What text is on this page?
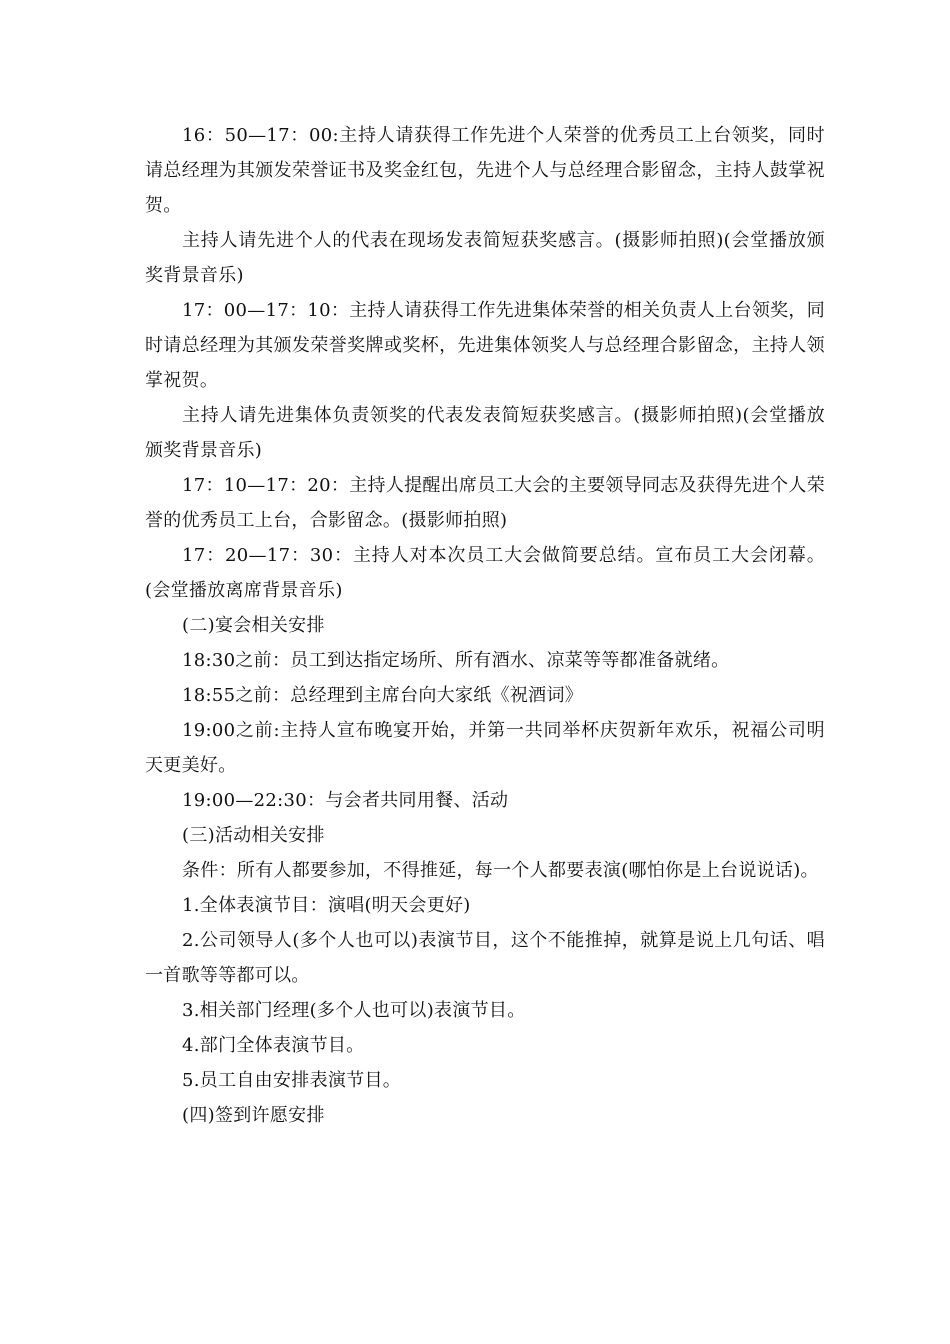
16：50—17：00:主持人请获得工作先进个人荣誉的优秀员工上台领奖，同时请总经理为其颁发荣誉证书及奖金红包，先进个人与总经理合影留念，主持人鼓掌祝贺。

主持人请先进个人的代表在现场发表简短获奖感言。(摄影师拍照)(会堂播放颁奖背景音乐)

17：00—17：10：主持人请获得工作先进集体荣誉的相关负责人上台领奖，同时请总经理为其颁发荣誉奖牌或奖杯，先进集体领奖人与总经理合影留念，主持人领掌祝贺。

主持人请先进集体负责领奖的代表发表简短获奖感言。(摄影师拍照)(会堂播放颁奖背景音乐)

17：10—17：20：主持人提醒出席员工大会的主要领导同志及获得先进个人荣誉的优秀员工上台，合影留念。(摄影师拍照)

17：20—17：30：主持人对本次员工大会做简要总结。宣布员工大会闭幕。(会堂播放离席背景音乐)

(二)宴会相关安排

18:30之前：员工到达指定场所、所有酒水、凉菜等等都准备就绪。

18:55之前：总经理到主席台向大家纸《祝酒词》

19:00之前:主持人宣布晚宴开始，并第一共同举杯庆贺新年欢乐，祝福公司明天更美好。

19:00—22:30：与会者共同用餐、活动

(三)活动相关安排

条件：所有人都要参加，不得推延，每一个人都要表演(哪怕你是上台说说话)。

1.全体表演节目：演唱(明天会更好)

2.公司领导人(多个人也可以)表演节目，这个不能推掉，就算是说上几句话、唱一首歌等等都可以。

3.相关部门经理(多个人也可以)表演节目。

4.部门全体表演节目。

5.员工自由安排表演节目。

(四)签到许愿安排
